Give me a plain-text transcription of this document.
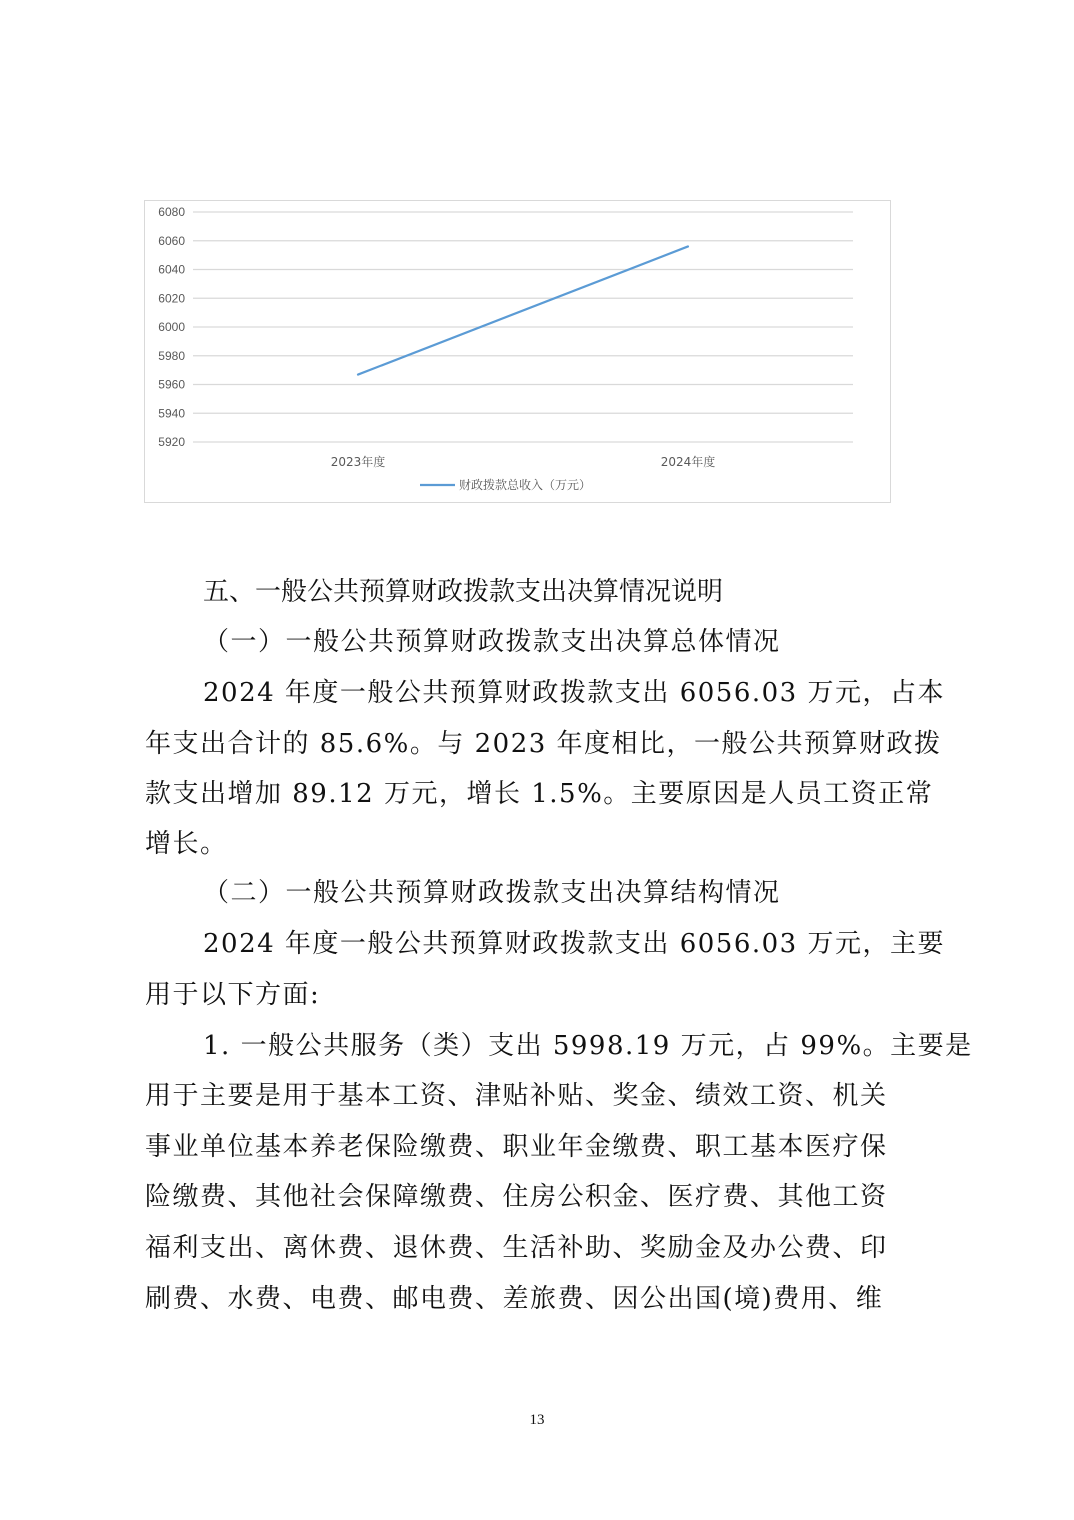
5920
5940
5960
5980
6000
6020
6040
6060
6080
2023年度	2024年度
财政拨款总收入（万元）
五、一般公共预算财政拨款支出决算情况说明
（一）一般公共预算财政拨款支出决算总体情况
2024 年度一般公共预算财政拨款支出 6056.03 万元，占本
年支出合计的 85.6%。与 2023 年度相比，一般公共预算财政拨
款支出增加 89.12 万元，增长 1.5%。主要原因是人员工资正常
增长。
（二）一般公共预算财政拨款支出决算结构情况
2024 年度一般公共预算财政拨款支出 6056.03 万元，主要
用于以下方面:
1. 一般公共服务（类）支出 5998.19 万元，占 99%。主要是
用于主要是用于基本工资、津贴补贴、奖金、绩效工资、机关
事业单位基本养老保险缴费、职业年金缴费、职工基本医疗保
险缴费、其他社会保障缴费、住房公积金、医疗费、其他工资
福利支出、离休费、退休费、生活补助、奖励金及办公费、印
刷费、水费、电费、邮电费、差旅费、因公出国(境)费用、维
13
